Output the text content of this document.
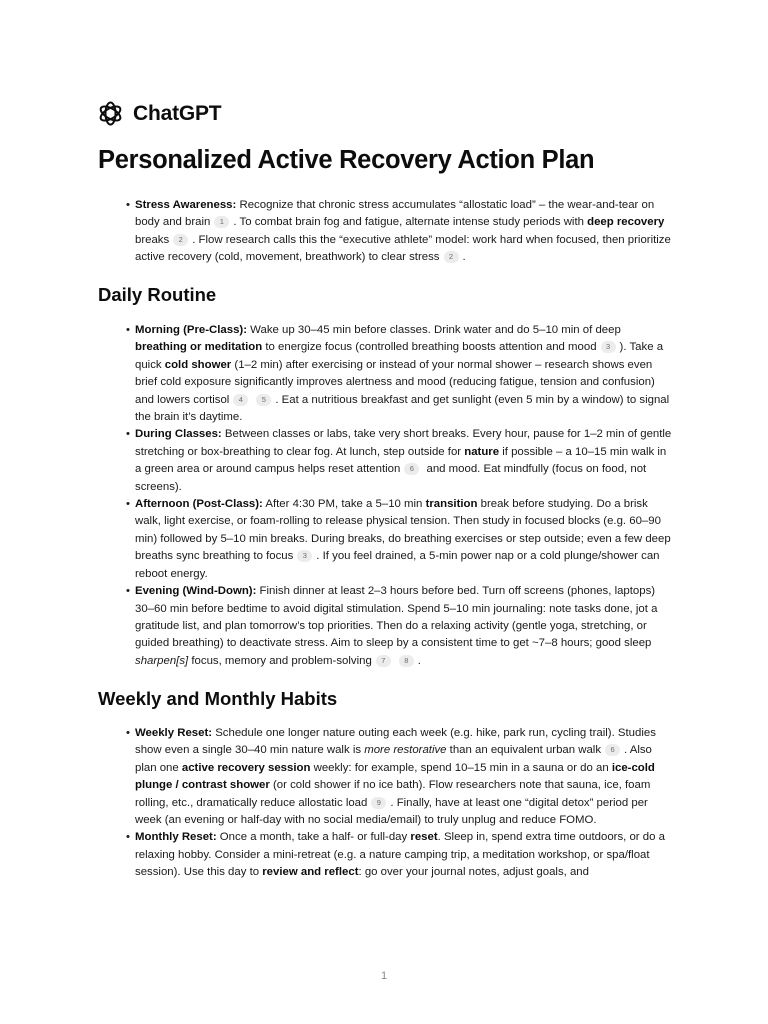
ChatGPT
Personalized Active Recovery Action Plan
• Stress Awareness: Recognize that chronic stress accumulates “allostatic load” – the wear-and-tear on body and brain 1 . To combat brain fog and fatigue, alternate intense study periods with deep recovery breaks 2 . Flow research calls this the “executive athlete” model: work hard when focused, then prioritize active recovery (cold, movement, breathwork) to clear stress 2 .
Daily Routine
• Morning (Pre-Class): Wake up 30–45 min before classes. Drink water and do 5–10 min of deep breathing or meditation to energize focus (controlled breathing boosts attention and mood 3 ). Take a quick cold shower (1–2 min) after exercising or instead of your normal shower – research shows even brief cold exposure significantly improves alertness and mood (reducing fatigue, tension and confusion) and lowers cortisol 4	5 . Eat a nutritious breakfast and get sunlight (even 5 min by a window) to signal the brain it’s daytime.
• During Classes: Between classes or labs, take very short breaks. Every hour, pause for 1–2 min of gentle stretching or box-breathing to clear fog. At lunch, step outside for nature if possible – a 10–15 min walk in a green area or around campus helps reset attention 6 and mood. Eat mindfully (focus on food, not screens).
• Afternoon (Post-Class): After 4:30 PM, take a 5–10 min transition break before studying. Do a brisk walk, light exercise, or foam-rolling to release physical tension. Then study in focused blocks (e.g. 60–90 min) followed by 5–10 min breaks. During breaks, do breathing exercises or step outside; even a few deep breaths sync breathing to focus 3 . If you feel drained, a 5-min power nap or a cold plunge/shower can reboot energy.
• Evening (Wind-Down): Finish dinner at least 2–3 hours before bed. Turn off screens (phones, laptops) 30–60 min before bedtime to avoid digital stimulation. Spend 5–10 min journaling: note tasks done, jot a gratitude list, and plan tomorrow’s top priorities. Then do a relaxing activity (gentle yoga, stretching, or guided breathing) to deactivate stress. Aim to sleep by a consistent time to get ~7–8 hours; good sleep sharpen[s] focus, memory and problem-solving 7	8 .
Weekly and Monthly Habits
• Weekly Reset: Schedule one longer nature outing each week (e.g. hike, park run, cycling trail). Studies show even a single 30–40 min nature walk is more restorative than an equivalent urban walk 6 . Also plan one active recovery session weekly: for example, spend 10–15 min in a sauna or do an ice-cold plunge / contrast shower (or cold shower if no ice bath). Flow researchers note that sauna, ice, foam rolling, etc., dramatically reduce allostatic load 9 . Finally, have at least one “digital detox” period per week (an evening or half-day with no social media/email) to truly unplug and reduce FOMO.
• Monthly Reset: Once a month, take a half- or full-day reset. Sleep in, spend extra time outdoors, or do a relaxing hobby. Consider a mini-retreat (e.g. a nature camping trip, a meditation workshop, or spa/float session). Use this day to review and reflect: go over your journal notes, adjust goals, and
1
